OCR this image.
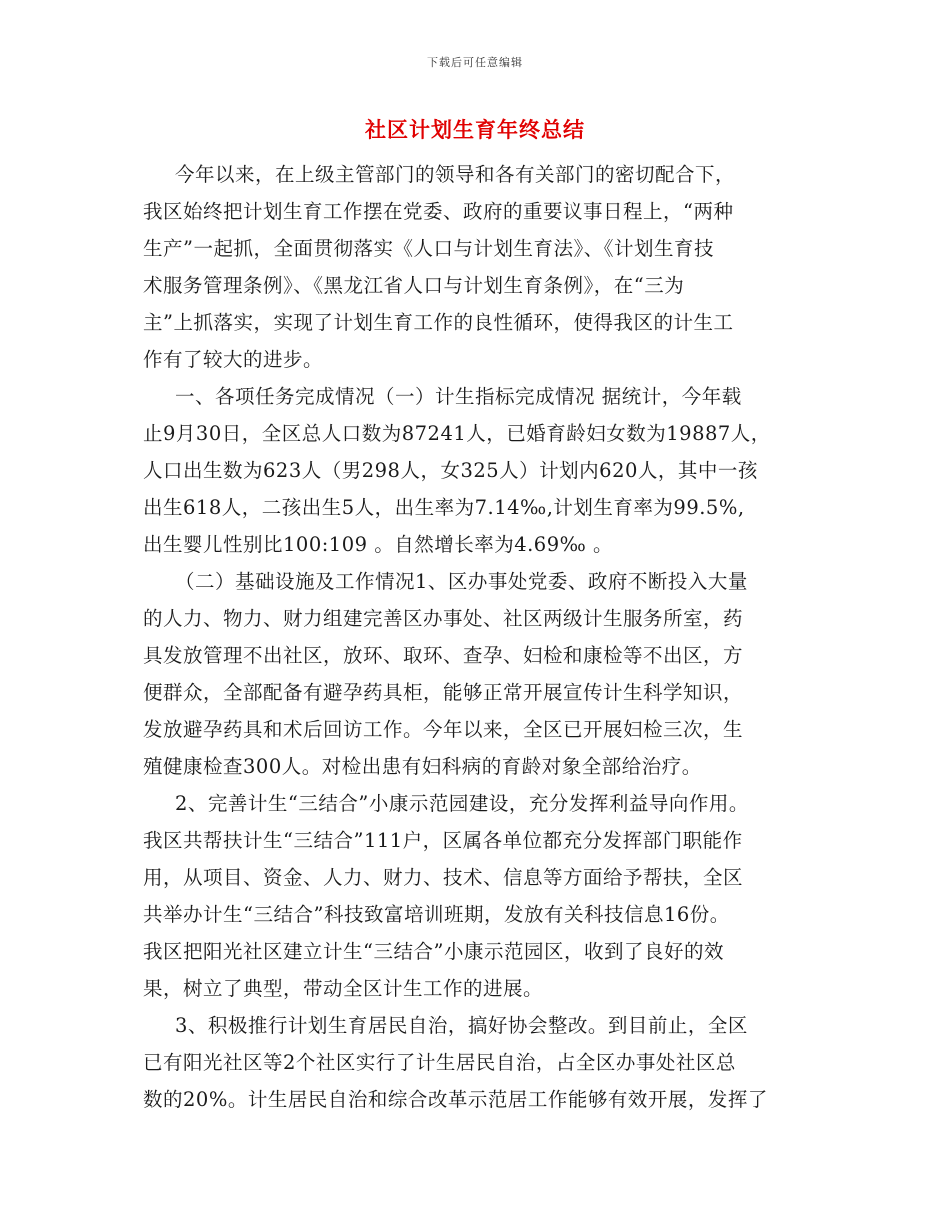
下载后可任意编辑
社区计划生育年终总结
今年以来，在上级主管部门的领导和各有关部门的密切配合下，
我区始终把计划生育工作摆在党委、政府的重要议事日程上，“两种
生产”一起抓，全面贯彻落实《人口与计划生育法》、《计划生育技
术服务管理条例》、《黑龙江省人口与计划生育条例》，在“三为
主”上抓落实，实现了计划生育工作的良性循环，使得我区的计生工
作有了较大的进步。
一、各项任务完成情况（一）计生指标完成情况 据统计，今年载
止9月30日，全区总人口数为87241人，已婚育龄妇女数为19887人，
人口出生数为623人（男298人，女325人）计划内620人，其中一孩
出生618人，二孩出生5人，出生率为7.14‰,计划生育率为99.5%,
出生婴儿性别比100:109 。自然增长率为4.69‰ 。
（二）基础设施及工作情况1、区办事处党委、政府不断投入大量
的人力、物力、财力组建完善区办事处、社区两级计生服务所室，药
具发放管理不出社区，放环、取环、查孕、妇检和康检等不出区，方
便群众，全部配备有避孕药具柜，能够正常开展宣传计生科学知识，
发放避孕药具和术后回访工作。今年以来，全区已开展妇检三次，生
殖健康检查300人。对检出患有妇科病的育龄对象全部给治疗。
2、完善计生“三结合”小康示范园建设，充分发挥利益导向作用。
我区共帮扶计生“三结合”111户，区属各单位都充分发挥部门职能作
用，从项目、资金、人力、财力、技术、信息等方面给予帮扶，全区
共举办计生“三结合”科技致富培训班期，发放有关科技信息16份。
我区把阳光社区建立计生“三结合”小康示范园区，收到了良好的效
果，树立了典型，带动全区计生工作的进展。
3、积极推行计划生育居民自治，搞好协会整改。到目前止，全区
已有阳光社区等2个社区实行了计生居民自治，占全区办事处社区总
数的20%。计生居民自治和综合改革示范居工作能够有效开展，发挥了
